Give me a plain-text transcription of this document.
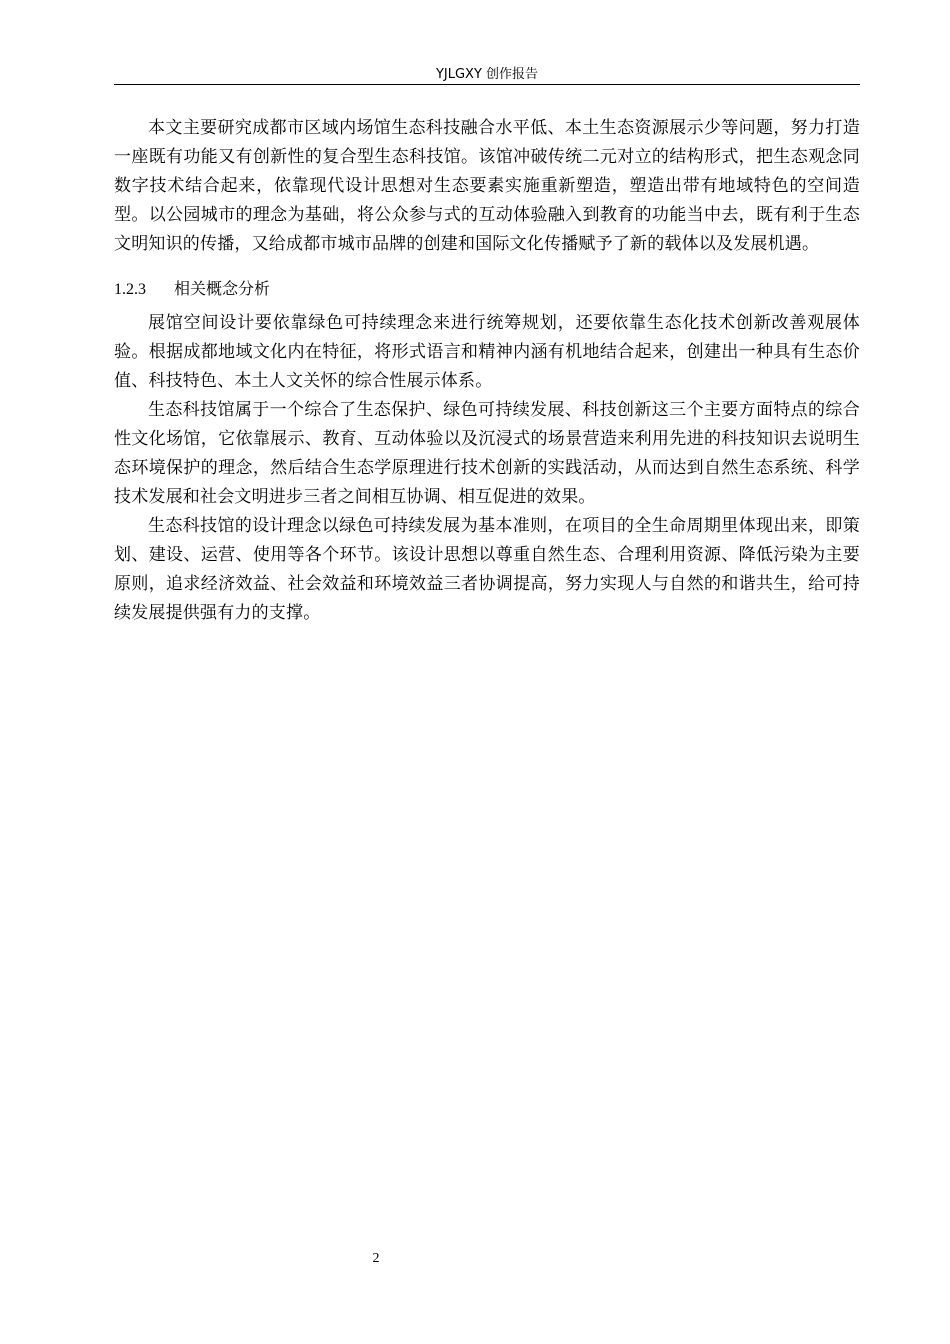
YJLGXY 创作报告

本文主要研究成都市区域内场馆生态科技融合水平低、本土生态资源展示少等问题，努力打造一座既有功能又有创新性的复合型生态科技馆。该馆冲破传统二元对立的结构形式，把生态观念同数字技术结合起来，依靠现代设计思想对生态要素实施重新塑造，塑造出带有地域特色的空间造型。以公园城市的理念为基础，将公众参与式的互动体验融入到教育的功能当中去，既有利于生态文明知识的传播，又给成都市城市品牌的创建和国际文化传播赋予了新的载体以及发展机遇。

1.2.3 相关概念分析

展馆空间设计要依靠绿色可持续理念来进行统筹规划，还要依靠生态化技术创新改善观展体验。根据成都地域文化内在特征，将形式语言和精神内涵有机地结合起来，创建出一种具有生态价值、科技特色、本土人文关怀的综合性展示体系。

生态科技馆属于一个综合了生态保护、绿色可持续发展、科技创新这三个主要方面特点的综合性文化场馆，它依靠展示、教育、互动体验以及沉浸式的场景营造来利用先进的科技知识去说明生态环境保护的理念，然后结合生态学原理进行技术创新的实践活动，从而达到自然生态系统、科学技术发展和社会文明进步三者之间相互协调、相互促进的效果。

生态科技馆的设计理念以绿色可持续发展为基本准则，在项目的全生命周期里体现出来，即策划、建设、运营、使用等各个环节。该设计思想以尊重自然生态、合理利用资源、降低污染为主要原则，追求经济效益、社会效益和环境效益三者协调提高，努力实现人与自然的和谐共生，给可持续发展提供强有力的支撑。

2
